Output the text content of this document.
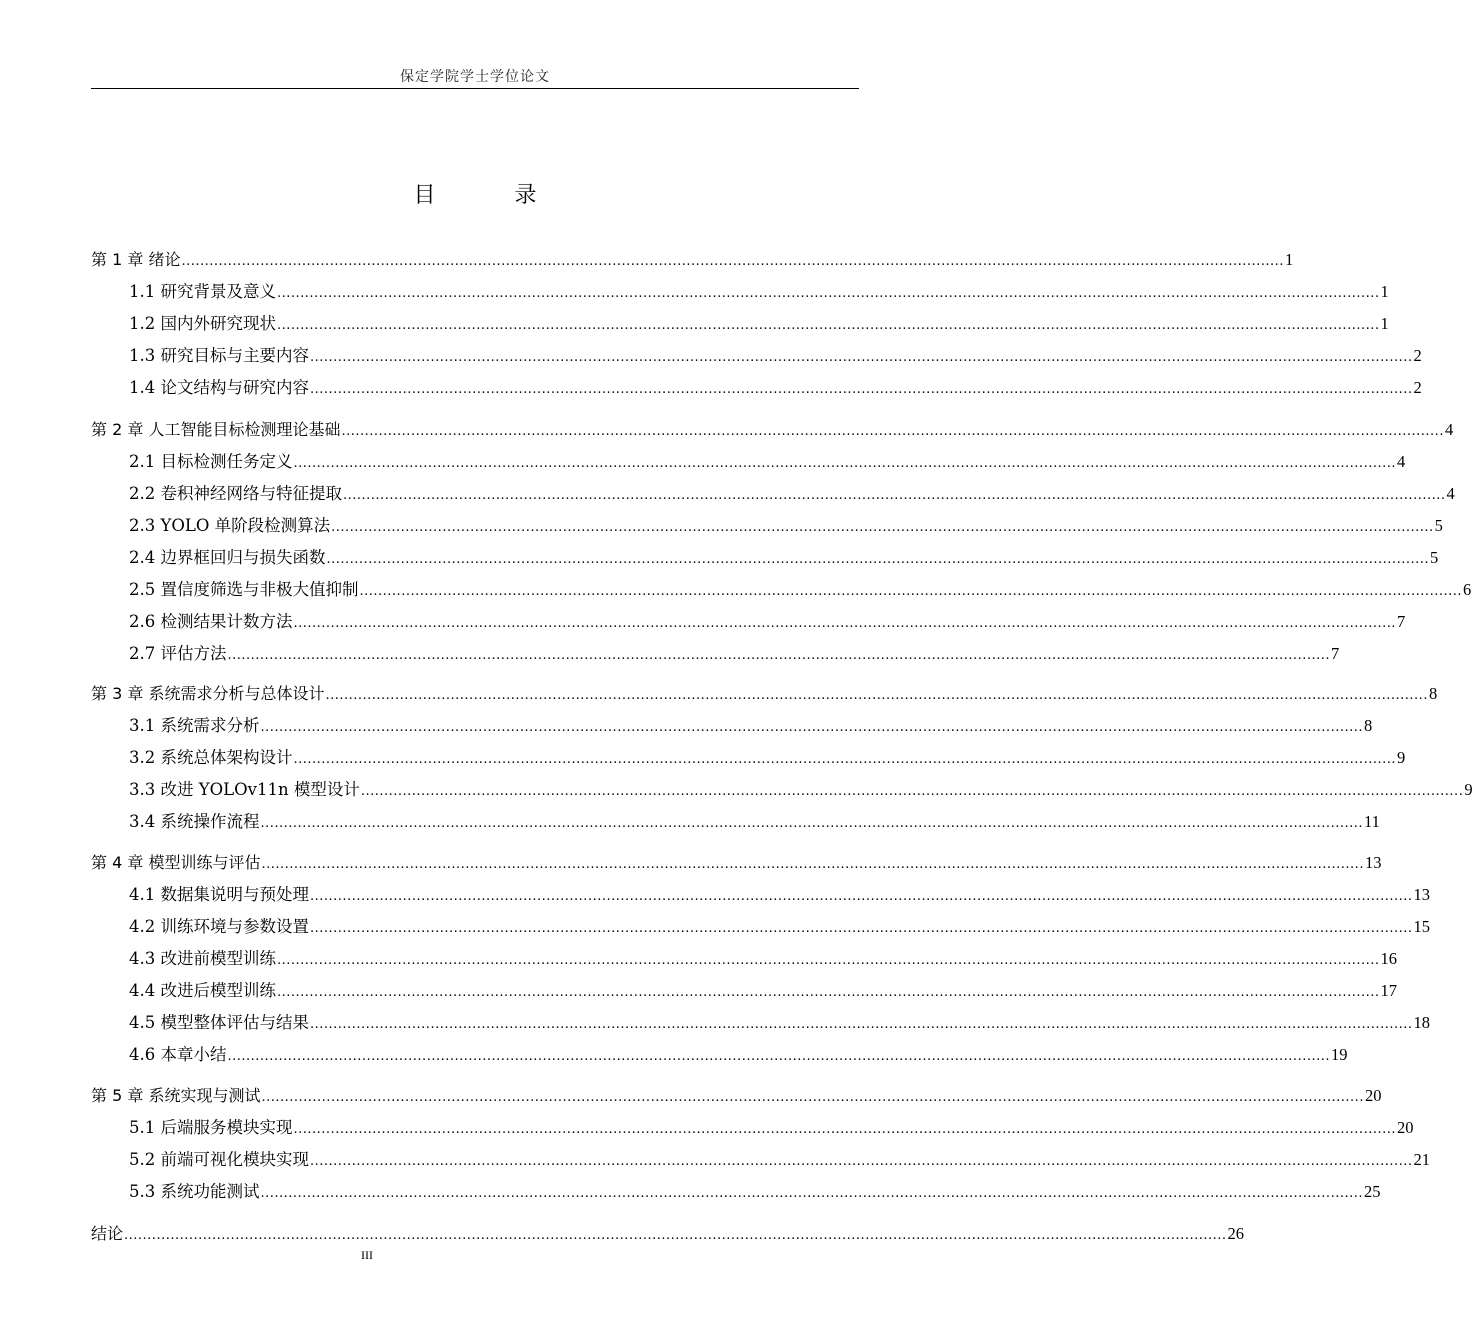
保定学院学士学位论文
目 录
第 1 章 绪论 .............................................................................................................................................................................................................................................. 1
1.1 研究背景及意义 .............................................................................................................................................................................................................................................. 1
1.2 国内外研究现状 .............................................................................................................................................................................................................................................. 1
1.3 研究目标与主要内容 .............................................................................................................................................................................................................................................. 2
1.4 论文结构与研究内容 .............................................................................................................................................................................................................................................. 2
第 2 章 人工智能目标检测理论基础 .............................................................................................................................................................................................................................................. 4
2.1 目标检测任务定义 .............................................................................................................................................................................................................................................. 4
2.2 卷积神经网络与特征提取 .............................................................................................................................................................................................................................................. 4
2.3 YOLO 单阶段检测算法 .............................................................................................................................................................................................................................................. 5
2.4 边界框回归与损失函数 .............................................................................................................................................................................................................................................. 5
2.5 置信度筛选与非极大值抑制 .............................................................................................................................................................................................................................................. 6
2.6 检测结果计数方法 .............................................................................................................................................................................................................................................. 7
2.7 评估方法 .............................................................................................................................................................................................................................................. 7
第 3 章 系统需求分析与总体设计 .............................................................................................................................................................................................................................................. 8
3.1 系统需求分析 .............................................................................................................................................................................................................................................. 8
3.2 系统总体架构设计 .............................................................................................................................................................................................................................................. 9
3.3 改进 YOLOv11n 模型设计 .............................................................................................................................................................................................................................................. 9
3.4 系统操作流程 .............................................................................................................................................................................................................................................. 11
第 4 章 模型训练与评估 .............................................................................................................................................................................................................................................. 13
4.1 数据集说明与预处理 .............................................................................................................................................................................................................................................. 13
4.2 训练环境与参数设置 .............................................................................................................................................................................................................................................. 15
4.3 改进前模型训练 .............................................................................................................................................................................................................................................. 16
4.4 改进后模型训练 .............................................................................................................................................................................................................................................. 17
4.5 模型整体评估与结果 .............................................................................................................................................................................................................................................. 18
4.6 本章小结 .............................................................................................................................................................................................................................................. 19
第 5 章 系统实现与测试 .............................................................................................................................................................................................................................................. 20
5.1 后端服务模块实现 .............................................................................................................................................................................................................................................. 20
5.2 前端可视化模块实现 .............................................................................................................................................................................................................................................. 21
5.3 系统功能测试 .............................................................................................................................................................................................................................................. 25
结论 .............................................................................................................................................................................................................................................. 26
III
